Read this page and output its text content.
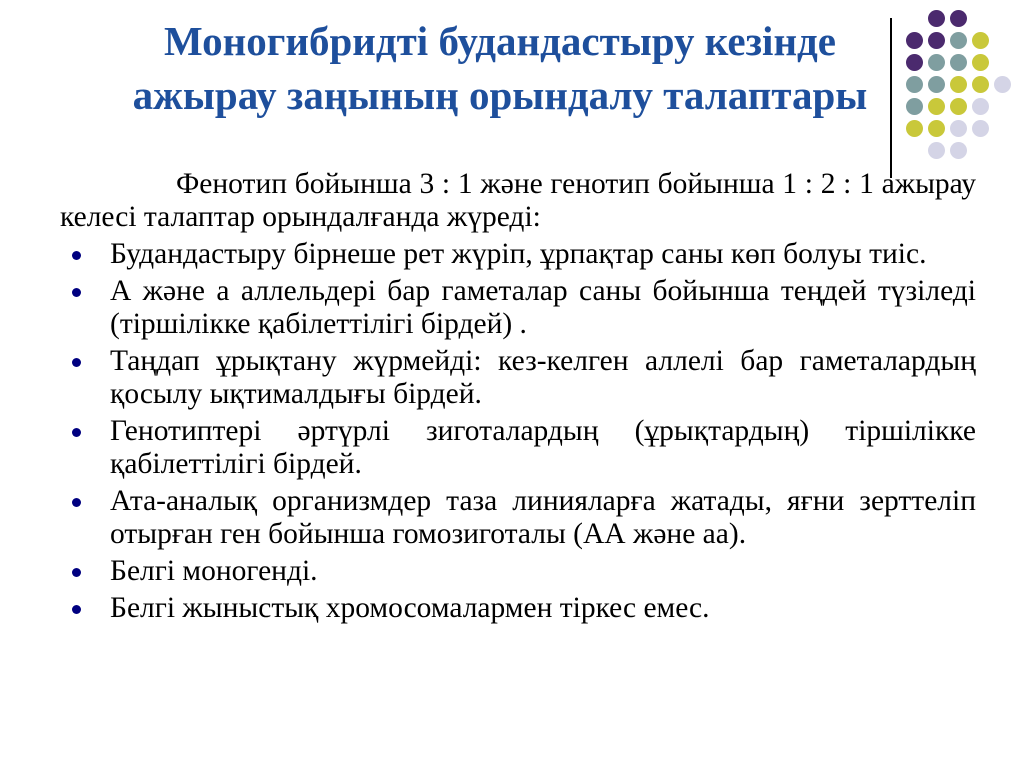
Моногибридті будандастыру кезінде
ажырау заңының орындалу талаптары

Фенотип бойынша 3 : 1 және генотип бойынша 1 : 2 : 1 ажырау келесі талаптар орындалғанда жүреді:

Будандастыру бірнеше рет жүріп, ұрпақтар саны көп болуы тиіс.
А және а аллельдері бар гаметалар саны бойынша теңдей түзіледі (тіршілікке қабілеттілігі бірдей) .
Таңдап ұрықтану жүрмейді: кез-келген аллелі бар гаметалардың қосылу ықтималдығы бірдей.
Генотиптері әртүрлі зиготалардың (ұрықтардың) тіршілікке қабілеттілігі бірдей.
Ата-аналық организмдер таза линияларға жатады, яғни зерттеліп отырған ген бойынша гомозиготалы (АА және аа).
Белгі моногенді.
Белгі жыныстық хромосомалармен тіркес емес.
